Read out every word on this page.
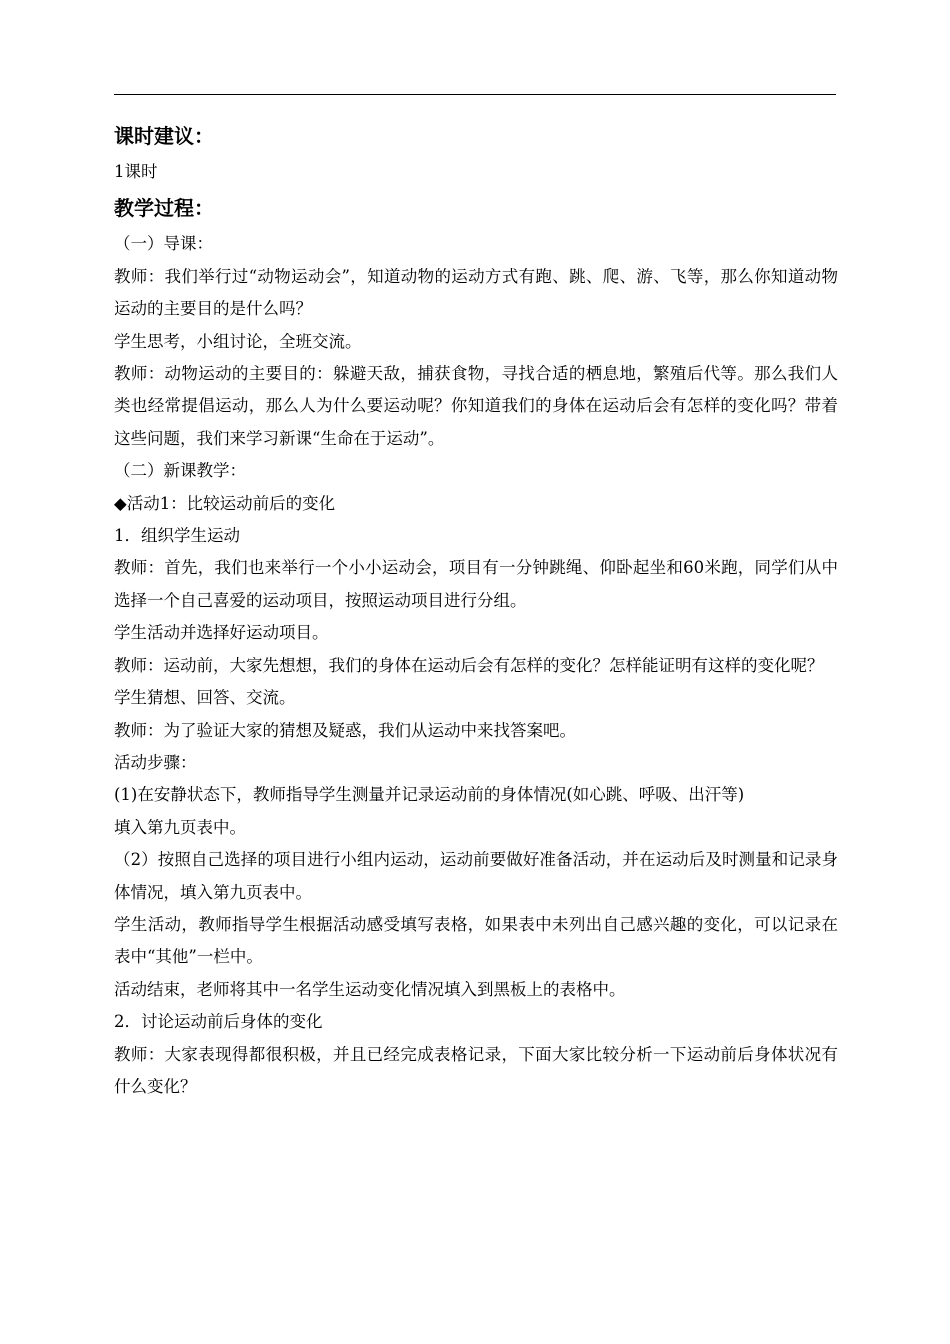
课时建议：

1课时

教学过程：

（一）导课：

教师：我们举行过“动物运动会”，知道动物的运动方式有跑、跳、爬、游、飞等，那么你知道动物运动的主要目的是什么吗？

学生思考，小组讨论，全班交流。

教师：动物运动的主要目的：躲避天敌，捕获食物，寻找合适的栖息地，繁殖后代等。那么我们人类也经常提倡运动，那么人为什么要运动呢？你知道我们的身体在运动后会有怎样的变化吗？带着这些问题，我们来学习新课“生命在于运动”。

（二）新课教学：

◆活动1：比较运动前后的变化

1．组织学生运动

教师：首先，我们也来举行一个小小运动会，项目有一分钟跳绳、仰卧起坐和60米跑，同学们从中选择一个自己喜爱的运动项目，按照运动项目进行分组。

学生活动并选择好运动项目。

教师：运动前，大家先想想，我们的身体在运动后会有怎样的变化？怎样能证明有这样的变化呢？

学生猜想、回答、交流。

教师：为了验证大家的猜想及疑惑，我们从运动中来找答案吧。

活动步骤：

(1)在安静状态下，教师指导学生测量并记录运动前的身体情况(如心跳、呼吸、出汗等)

填入第九页表中。

（2）按照自己选择的项目进行小组内运动，运动前要做好准备活动，并在运动后及时测量和记录身体情况，填入第九页表中。

学生活动，教师指导学生根据活动感受填写表格，如果表中未列出自己感兴趣的变化，可以记录在表中“其他”一栏中。

活动结束，老师将其中一名学生运动变化情况填入到黑板上的表格中。

2．讨论运动前后身体的变化

教师：大家表现得都很积极，并且已经完成表格记录，下面大家比较分析一下运动前后身体状况有什么变化？
